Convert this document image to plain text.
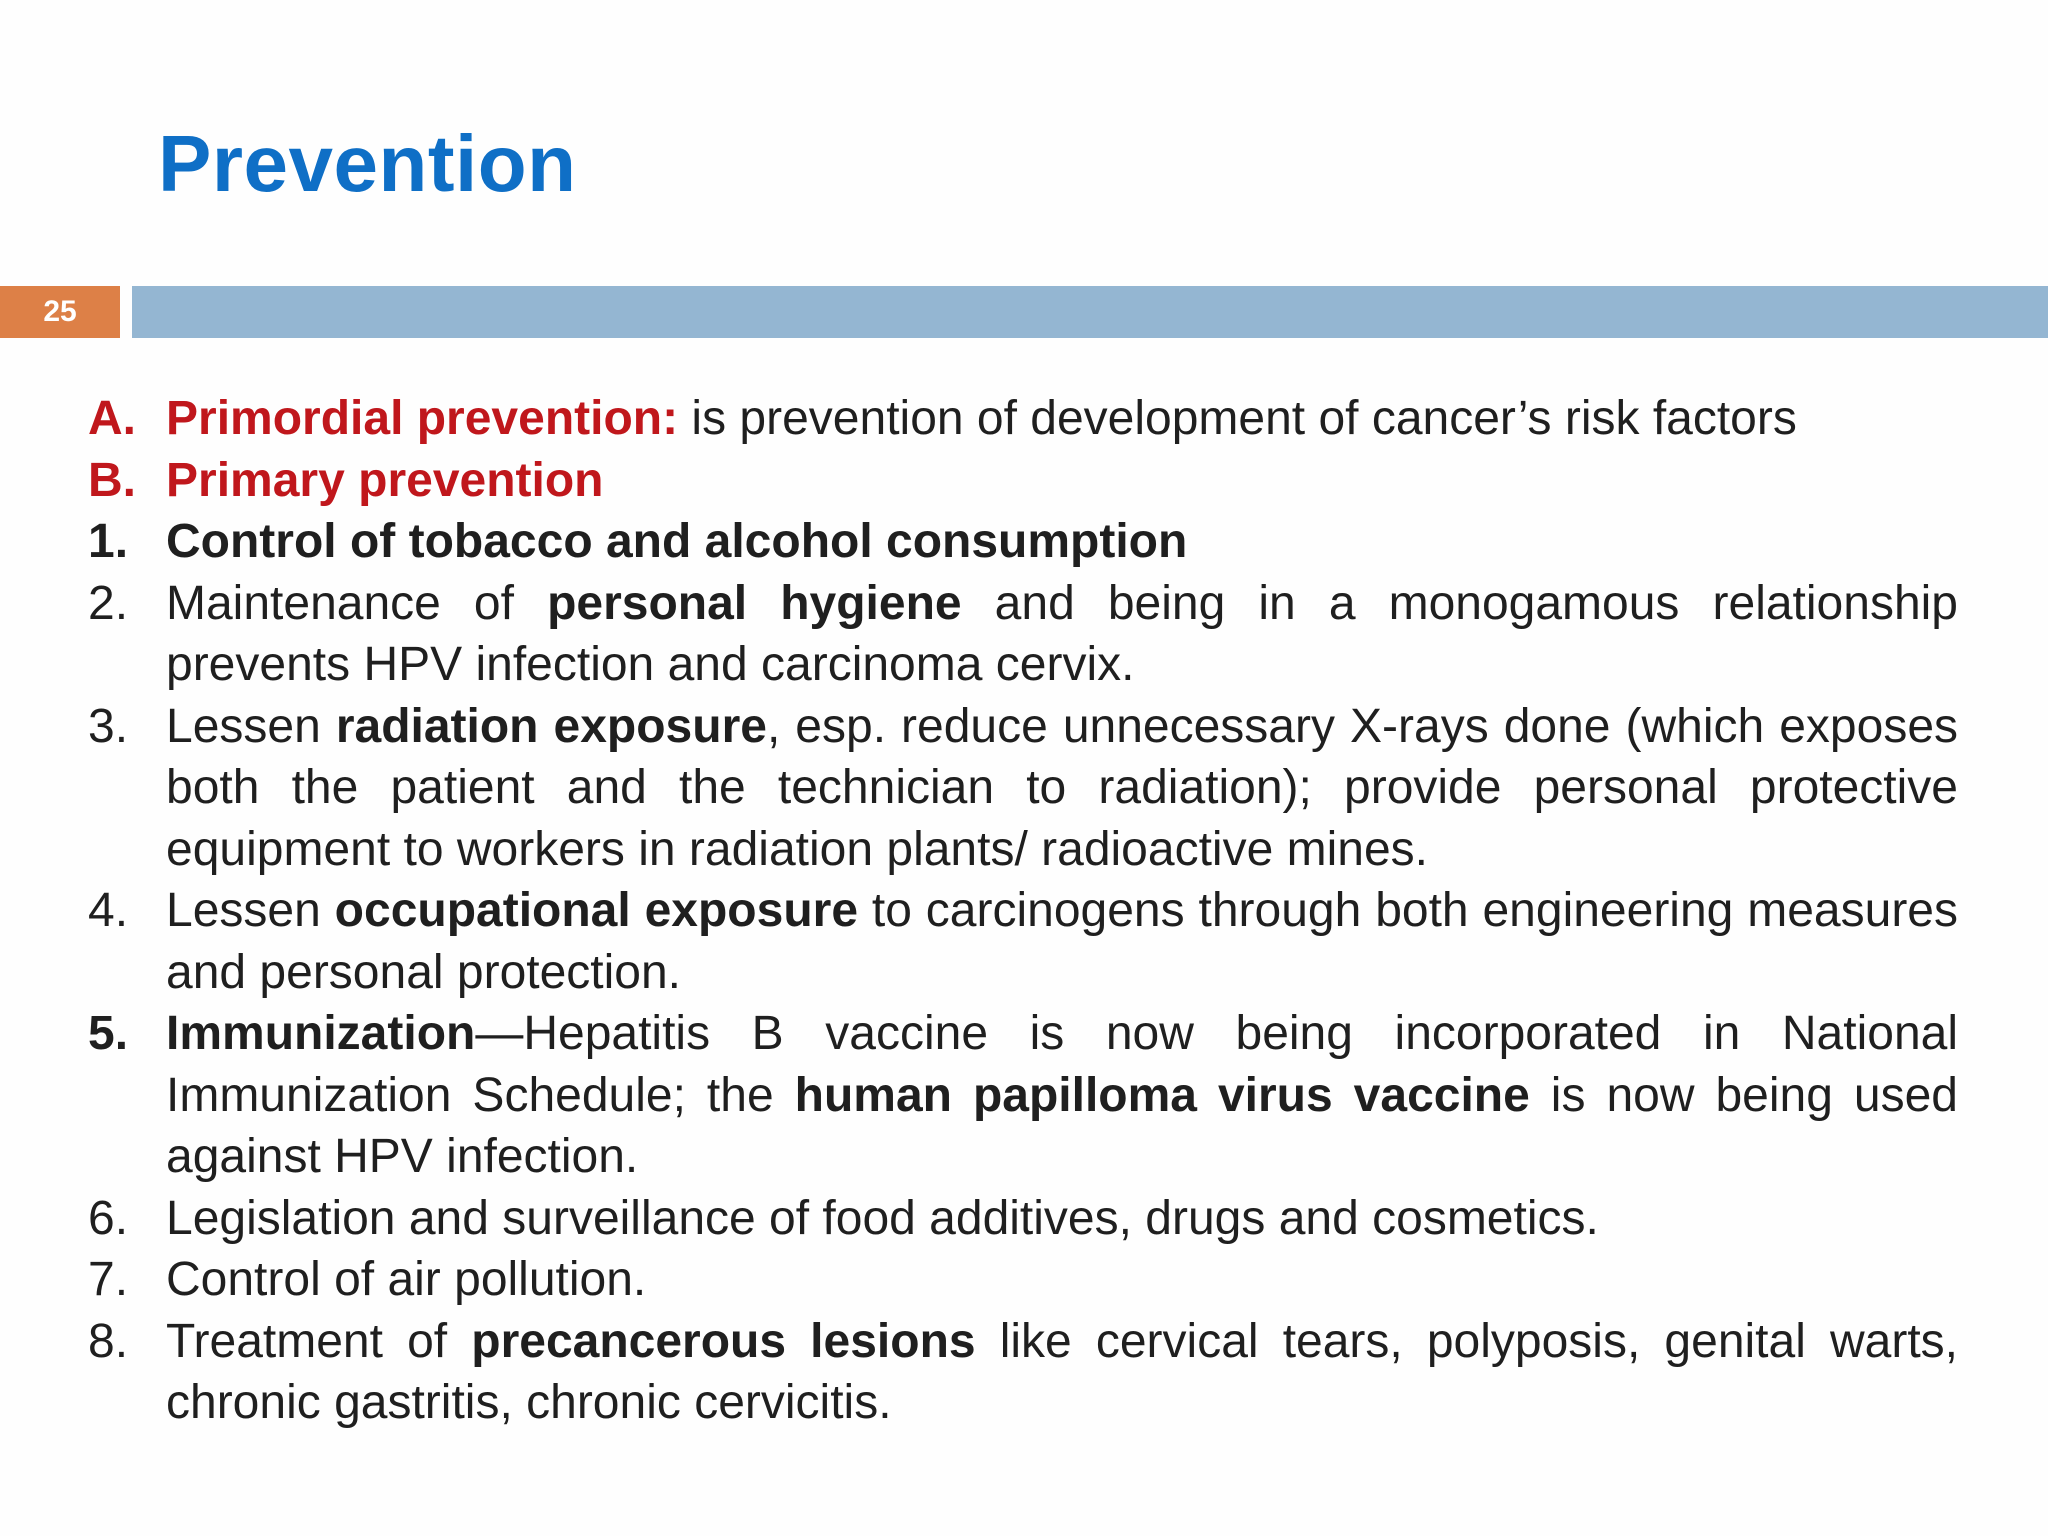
Prevention
25
A. Primordial prevention: is prevention of development of cancer’s risk factors
B. Primary prevention
1. Control of tobacco and alcohol consumption
2. Maintenance of personal hygiene and being in a monogamous relationship prevents HPV infection and carcinoma cervix.
3. Lessen radiation exposure, esp. reduce unnecessary X-rays done (which exposes both the patient and the technician to radiation); provide personal protective equipment to workers in radiation plants/ radioactive mines.
4. Lessen occupational exposure to carcinogens through both engineering measures and personal protection.
5. Immunization—Hepatitis B vaccine is now being incorporated in National Immunization Schedule; the human papilloma virus vaccine is now being used against HPV infection.
6. Legislation and surveillance of food additives, drugs and cosmetics.
7. Control of air pollution.
8. Treatment of precancerous lesions like cervical tears, polyposis, genital warts, chronic gastritis, chronic cervicitis.
